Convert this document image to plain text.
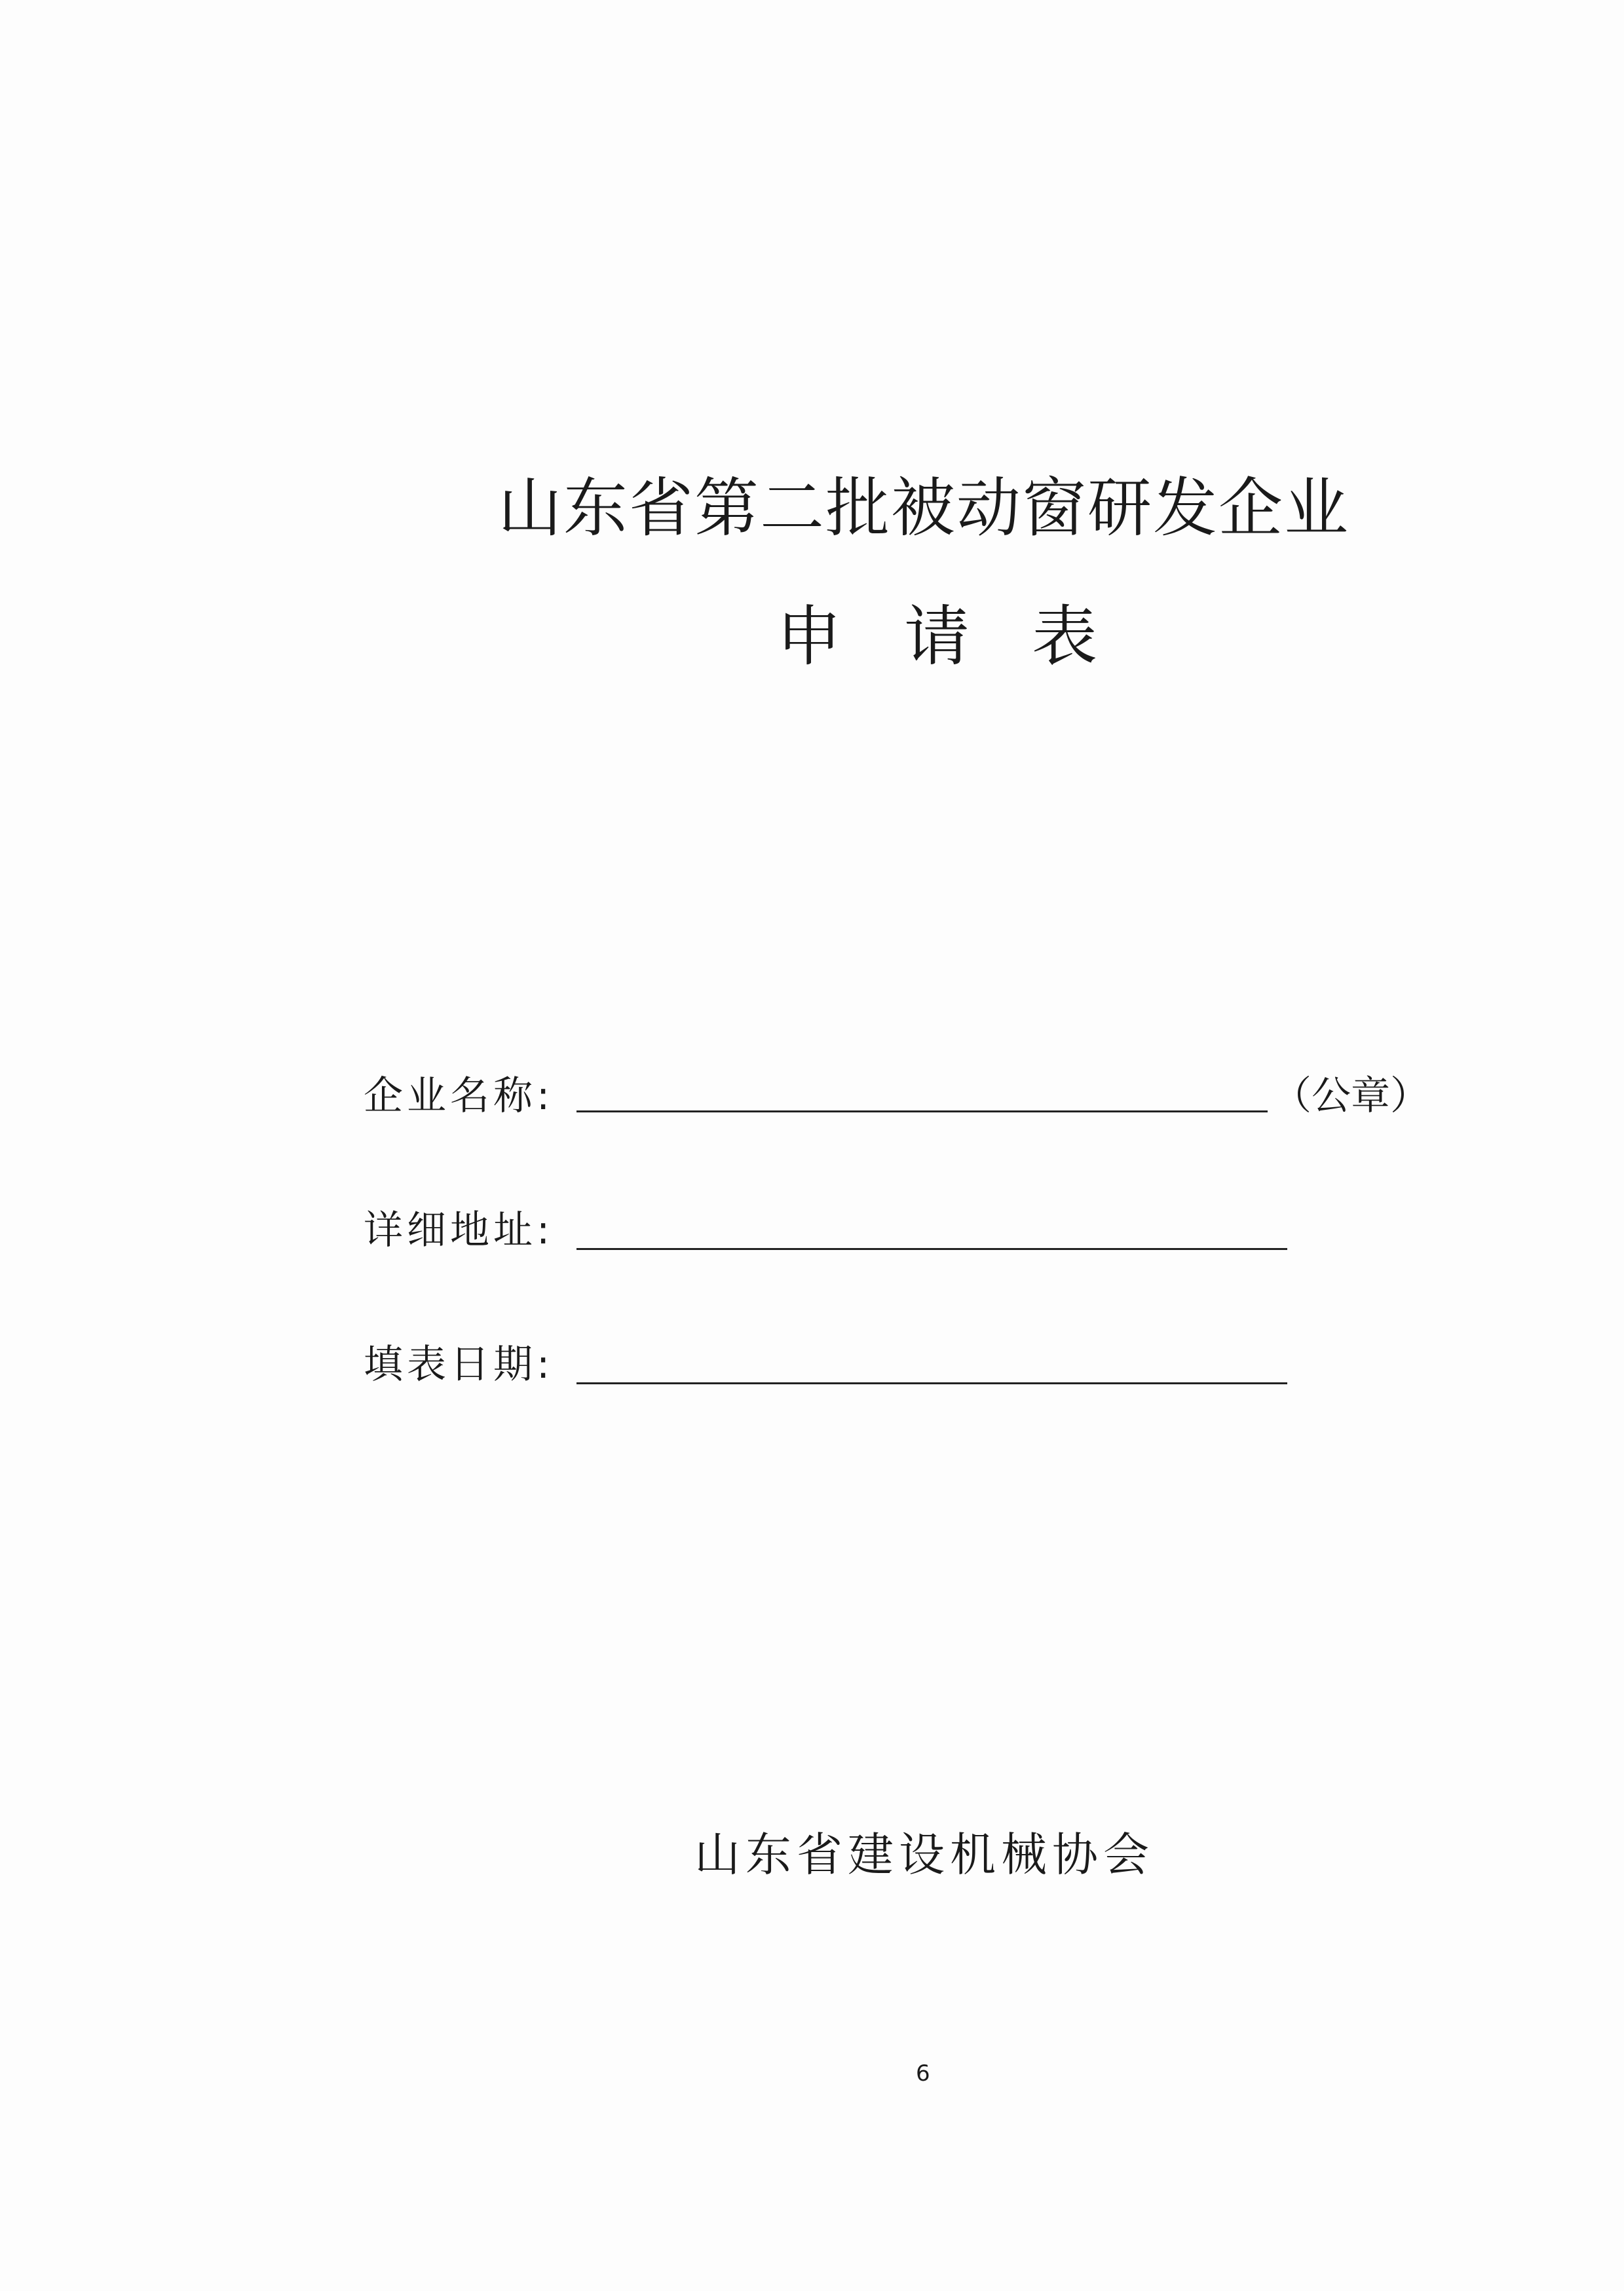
山东省第二批被动窗研发企业
申请表
企业名称:	（公章）
详细地址:
填表日期:
山东省建设机械协会
6
